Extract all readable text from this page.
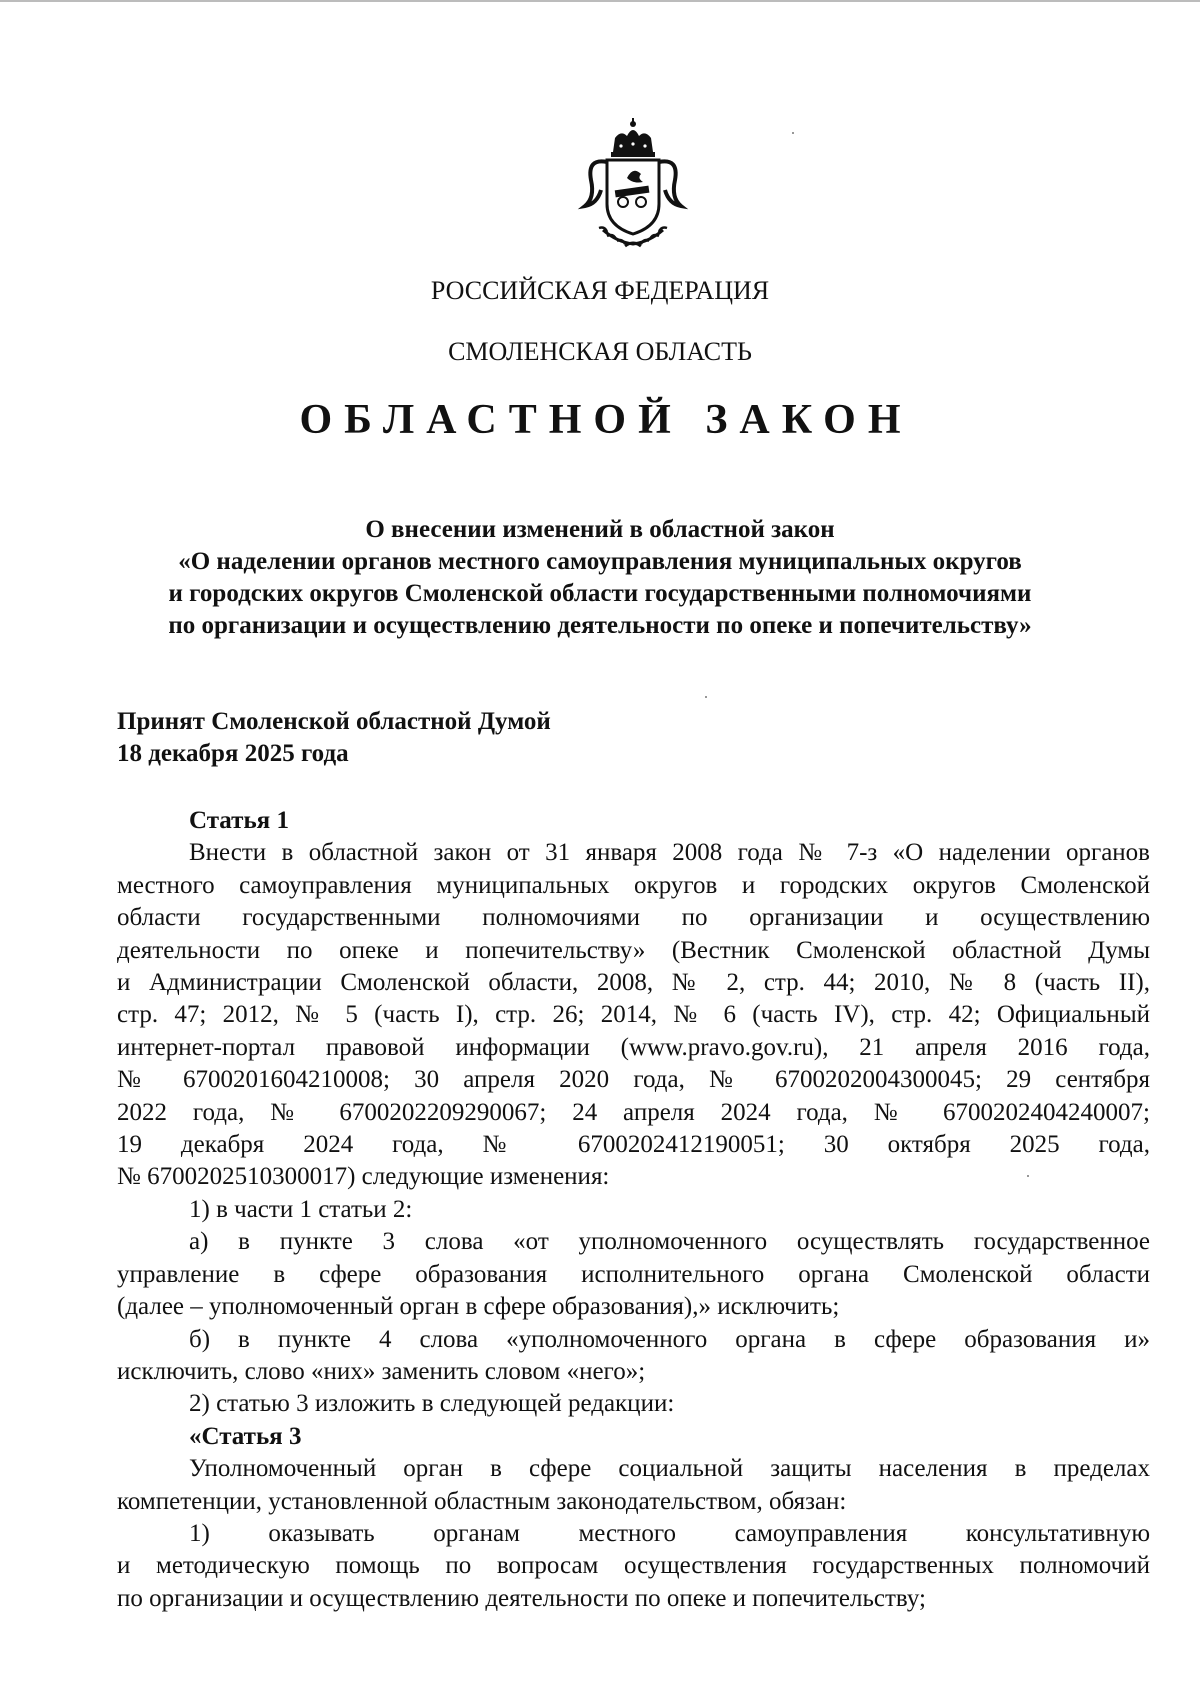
РОССИЙСКАЯ ФЕДЕРАЦИЯ
СМОЛЕНСКАЯ ОБЛАСТЬ
ОБЛАСТНОЙ ЗАКОН
О внесении изменений в областной закон
«О наделении органов местного самоуправления муниципальных округов
и городских округов Смоленской области государственными полномочиями
по организации и осуществлению деятельности по опеке и попечительству»
Принят Смоленской областной Думой
18 декабря 2025 года

Статья 1

Внести в областной закон от 31 января 2008 года № 7-з «О наделении органов

местного самоуправления муниципальных округов и городских округов Смоленской

области государственными полномочиями по организации и осуществлению

деятельности по опеке и попечительству» (Вестник Смоленской областной Думы

и Администрации Смоленской области, 2008, № 2, стр. 44; 2010, № 8 (часть II),

стр. 47; 2012, № 5 (часть I), стр. 26; 2014, № 6 (часть IV), стр. 42; Официальный

интернет-портал правовой информации (www.pravo.gov.ru), 21 апреля 2016 года,

№ 6700201604210008; 30 апреля 2020 года, № 6700202004300045; 29 сентября

2022 года, № 6700202209290067; 24 апреля 2024 года, № 6700202404240007;

19 декабря 2024 года, № 6700202412190051; 30 октября 2025 года,

№ 6700202510300017) следующие изменения:

1) в части 1 статьи 2:

а) в пункте 3 слова «от уполномоченного осуществлять государственное

управление в сфере образования исполнительного органа Смоленской области

(далее – уполномоченный орган в сфере образования),» исключить;

б) в пункте 4 слова «уполномоченного органа в сфере образования и»

исключить, слово «них» заменить словом «него»;

2) статью 3 изложить в следующей редакции:

«Статья 3

Уполномоченный орган в сфере социальной защиты населения в пределах

компетенции, установленной областным законодательством, обязан:

1) оказывать органам местного самоуправления консультативную

и методическую помощь по вопросам осуществления государственных полномочий

по организации и осуществлению деятельности по опеке и попечительству;
